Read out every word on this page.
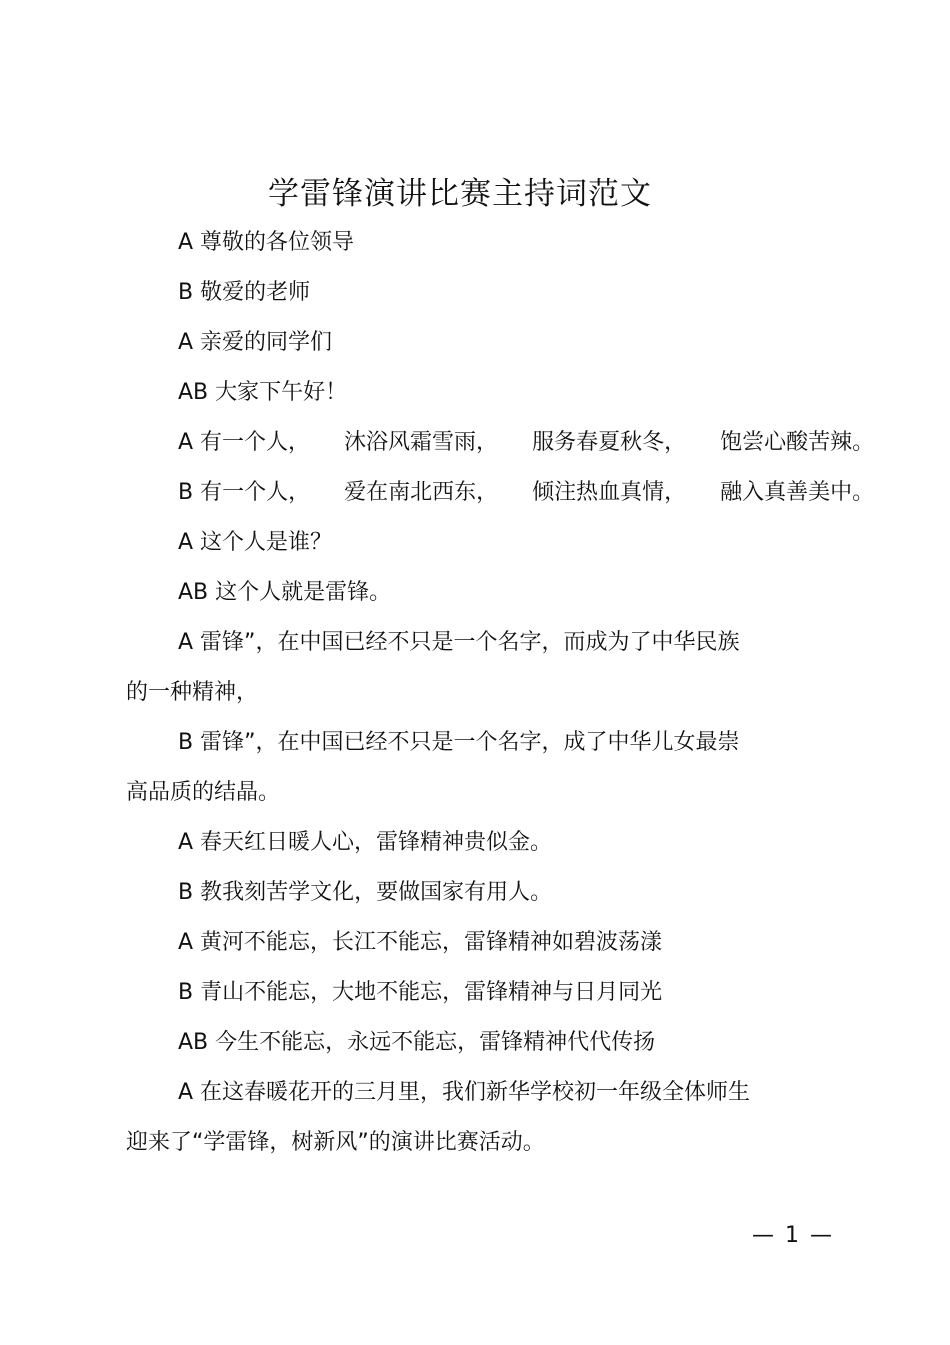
学雷锋演讲比赛主持词范文
A 尊敬的各位领导
B 敬爱的老师
A 亲爱的同学们
AB 大家下午好！
A 有一个人， 沐浴风霜雪雨， 服务春夏秋冬， 饱尝心酸苦辣。
B 有一个人， 爱在南北西东， 倾注热血真情， 融入真善美中。
A 这个人是谁？
AB 这个人就是雷锋。
A 雷锋”，在中国已经不只是一个名字，而成为了中华民族
的一种精神，
B 雷锋”，在中国已经不只是一个名字，成了中华儿女最崇
高品质的结晶。
A 春天红日暖人心，雷锋精神贵似金。
B 教我刻苦学文化，要做国家有用人。
A 黄河不能忘，长江不能忘，雷锋精神如碧波荡漾
B 青山不能忘，大地不能忘，雷锋精神与日月同光
AB 今生不能忘，永远不能忘，雷锋精神代代传扬
A 在这春暖花开的三月里，我们新华学校初一年级全体师生
迎来了“学雷锋，树新风”的演讲比赛活动。
— 1 —
